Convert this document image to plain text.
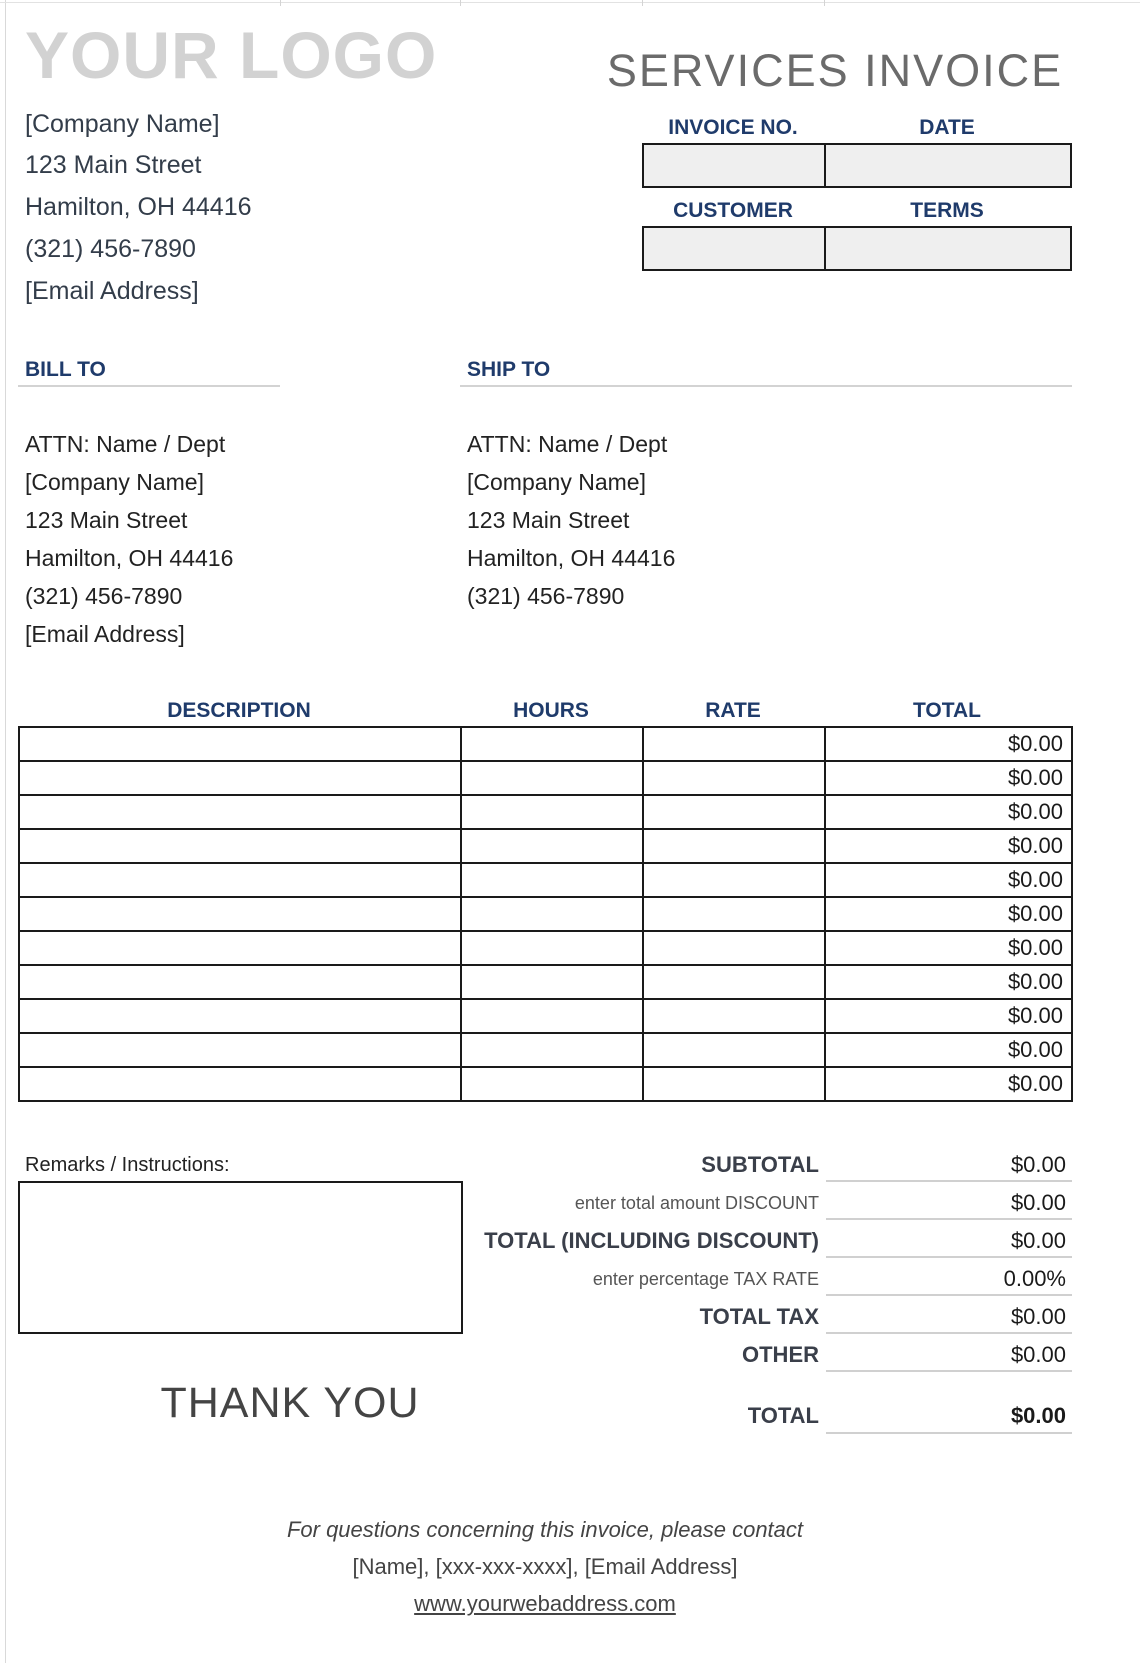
YOUR LOGO	SERVICES INVOICE
[Company Name]
123 Main Street
Hamilton, OH 44416
(321) 456-7890
[Email Address]
INVOICE NO.	DATE
CUSTOMER	TERMS
BILL TO
ATTN: Name / Dept
[Company Name]
123 Main Street
Hamilton, OH 44416
(321) 456-7890
[Email Address]
SHIP TO
ATTN: Name / Dept
[Company Name]
123 Main Street
Hamilton, OH 44416
(321) 456-7890
DESCRIPTION	HOURS	RATE	TOTAL
			$0.00
			$0.00
			$0.00
			$0.00
			$0.00
			$0.00
			$0.00
			$0.00
			$0.00
			$0.00
			$0.00
Remarks / Instructions:	SUBTOTAL	$0.00
enter total amount DISCOUNT	$0.00
TOTAL (INCLUDING DISCOUNT)	$0.00
enter percentage TAX RATE	0.00%
TOTAL TAX	$0.00
OTHER	$0.00
TOTAL	$0.00
THANK YOU
For questions concerning this invoice, please contact
[Name], [xxx-xxx-xxxx], [Email Address]
www.yourwebaddress.com
